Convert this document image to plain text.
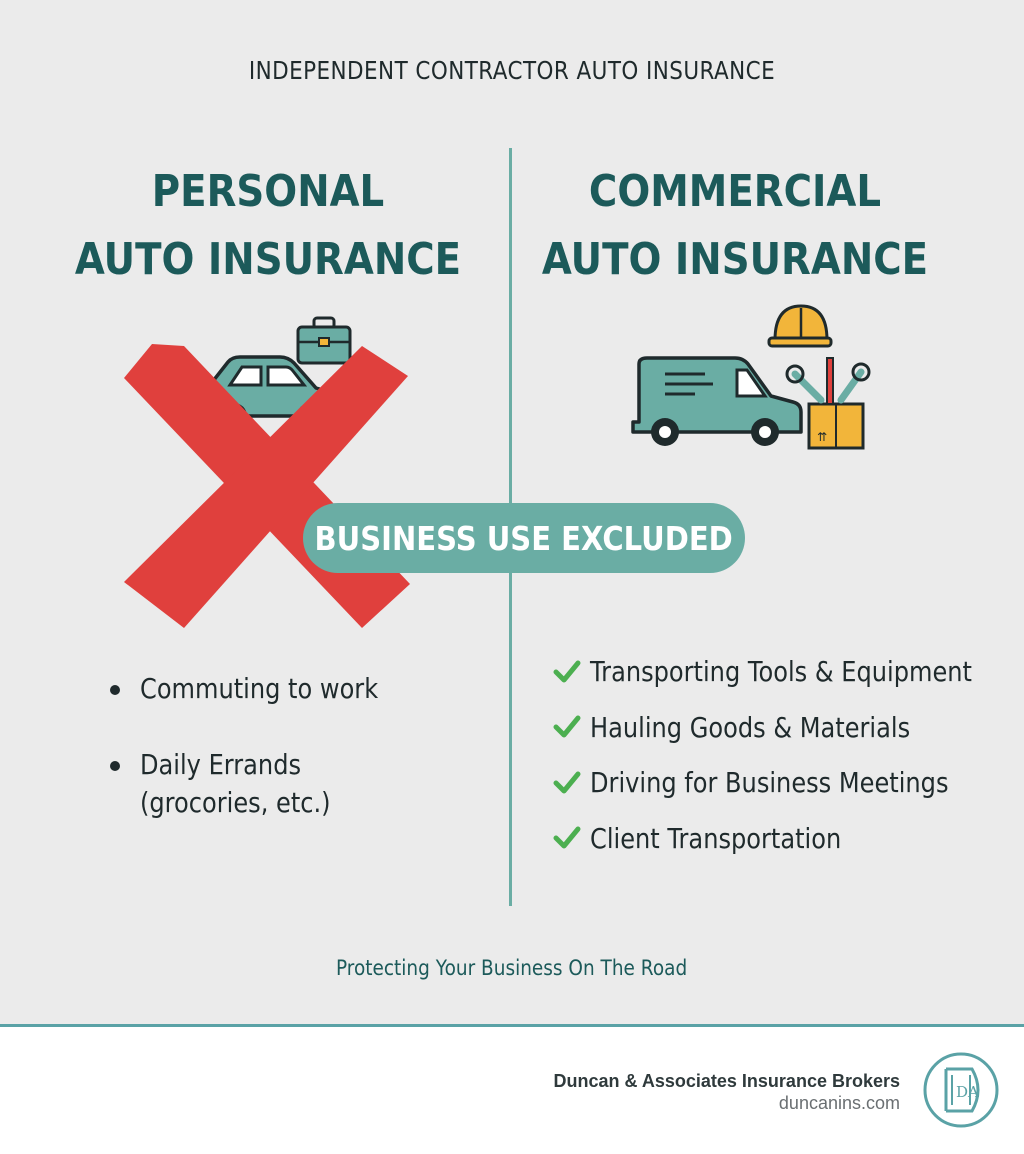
INDEPENDENT CONTRACTOR AUTO INSURANCE
PERSONAL
AUTO INSURANCE
COMMERCIAL
AUTO INSURANCE
⇈
BUSINESS USE EXCLUDED
Commuting to work
Daily Errands
(grocories, etc.)
Transporting Tools & Equipment
Hauling Goods & Materials
Driving for Business Meetings
Client Transportation
Protecting Your Business On The Road
Duncan & Associates Insurance Brokers
duncanins.com
DA
